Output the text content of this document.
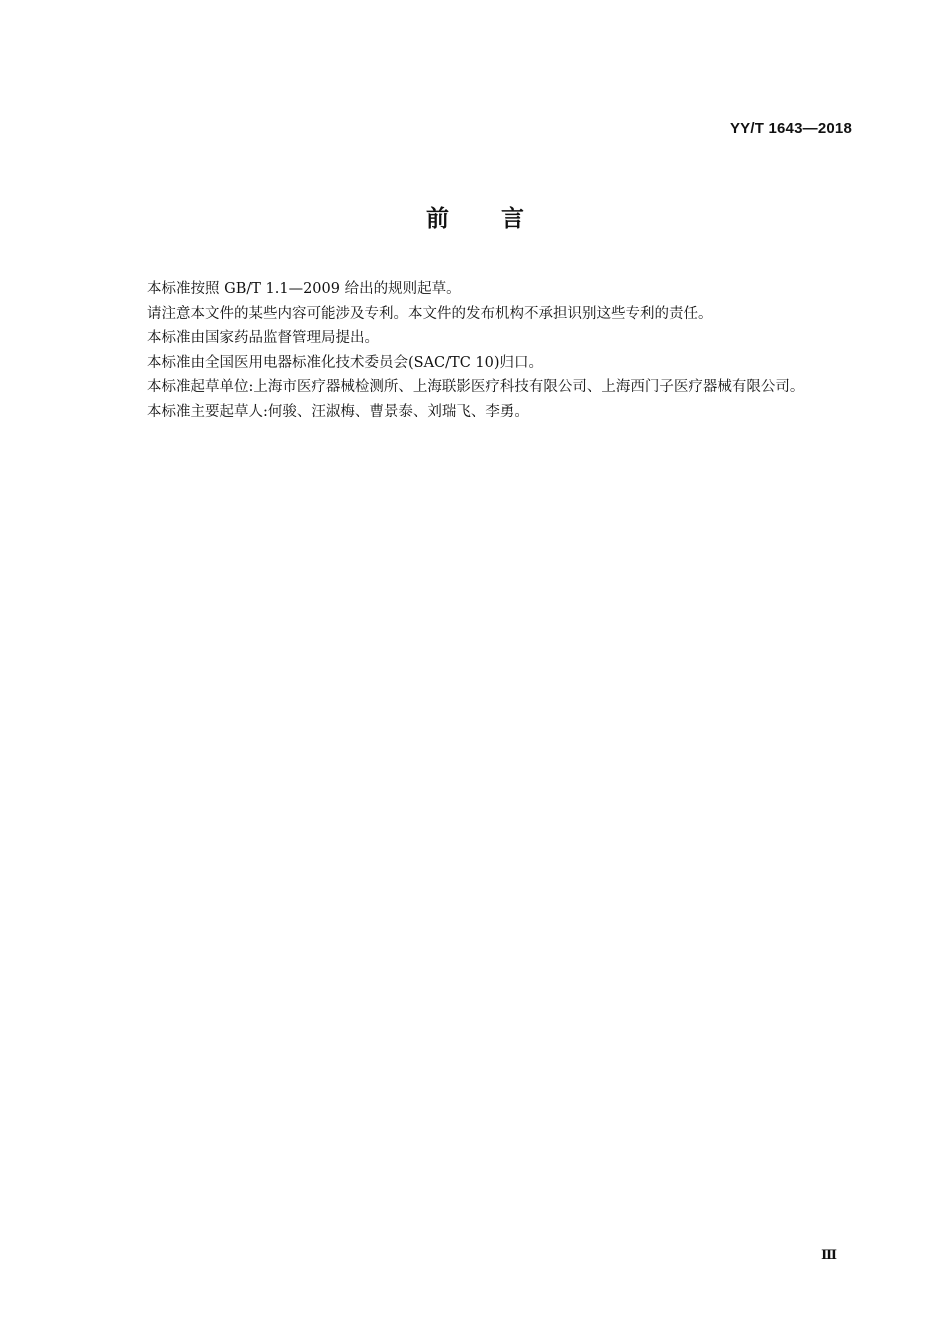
YY/T 1643—2018
前言

本标准按照 GB/T 1.1—2009 给出的规则起草。

请注意本文件的某些内容可能涉及专利。本文件的发布机构不承担识别这些专利的责任。

本标准由国家药品监督管理局提出。

本标准由全国医用电器标准化技术委员会(SAC/TC 10)归口。

本标准起草单位:上海市医疗器械检测所、上海联影医疗科技有限公司、上海西门子医疗器械有限公司。

本标准主要起草人:何骏、汪淑梅、曹景泰、刘瑞飞、李勇。

Ⅲ
